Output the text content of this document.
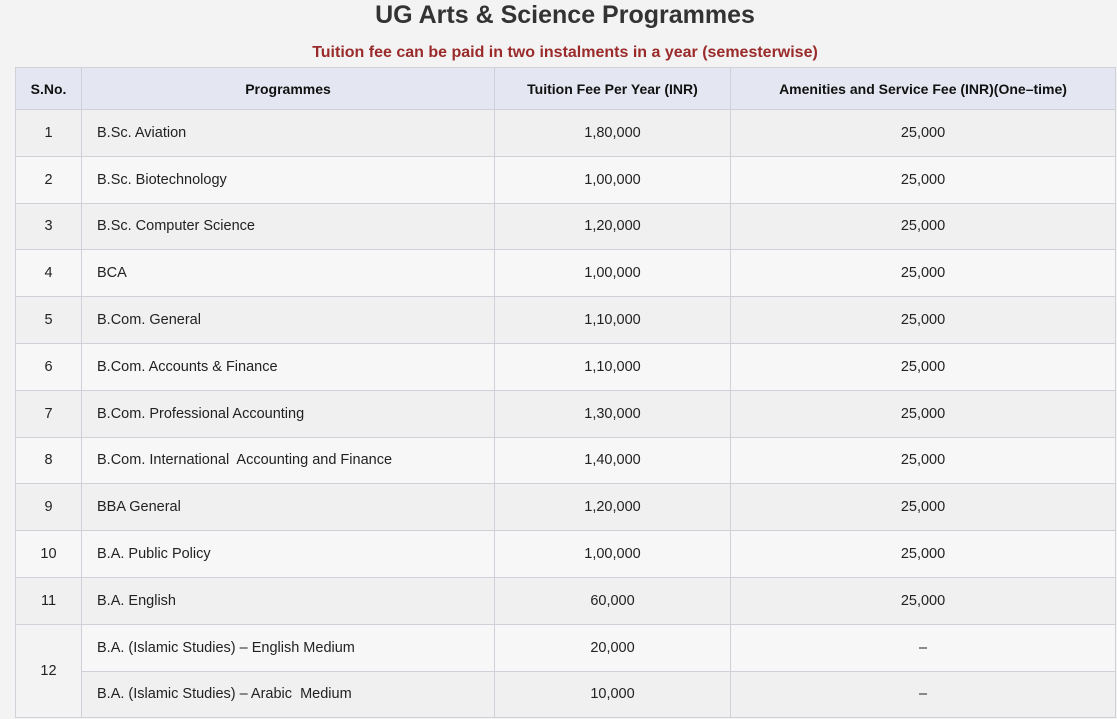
UG Arts & Science Programmes
Tuition fee can be paid in two instalments in a year (semesterwise)
S.No.	Programmes	Tuition Fee Per Year (INR)	Amenities and Service Fee (INR)(One–time)
1	B.Sc. Aviation	1,80,000	25,000
2	B.Sc. Biotechnology	1,00,000	25,000
3	B.Sc. Computer Science	1,20,000	25,000
4	BCA	1,00,000	25,000
5	B.Com. General	1,10,000	25,000
6	B.Com. Accounts & Finance	1,10,000	25,000
7	B.Com. Professional Accounting	1,30,000	25,000
8	B.Com. International  Accounting and Finance	1,40,000	25,000
9	BBA General	1,20,000	25,000
10	B.A. Public Policy	1,00,000	25,000
11	B.A. English	60,000	25,000
12	B.A. (Islamic Studies) – English Medium	20,000	–
	B.A. (Islamic Studies) – Arabic  Medium	10,000	–
